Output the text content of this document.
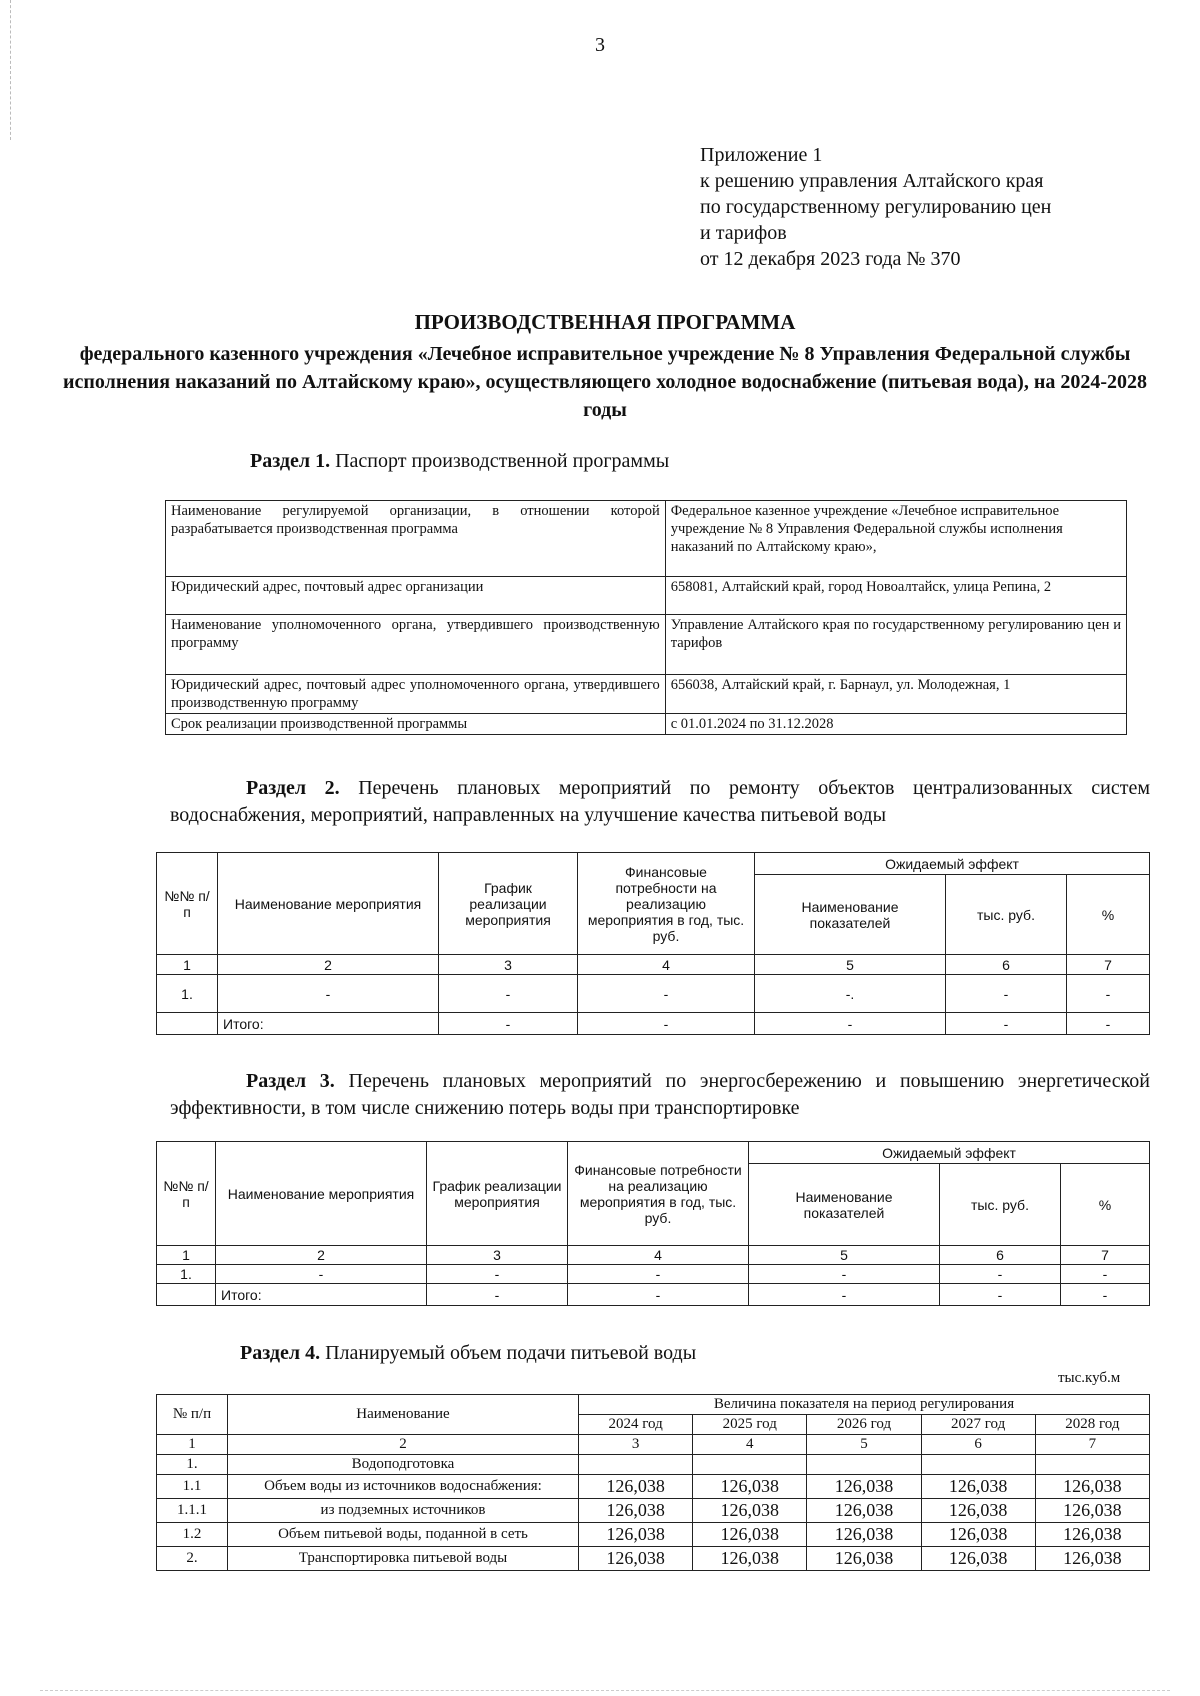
3
Приложение 1
к решению управления Алтайского края
по государственному регулированию цен
и тарифов
от 12 декабря 2023 года № 370
ПРОИЗВОДСТВЕННАЯ ПРОГРАММА
федерального казенного учреждения «Лечебное исправительное учреждение № 8 Управления Федеральной службы исполнения наказаний по Алтайскому краю», осуществляющего холодное водоснабжение (питьевая вода), на 2024-2028 годы
Раздел 1. Паспорт производственной программы
Наименование регулируемой организации, в отношении которой разрабатывается производственная программа	Федеральное казенное учреждение «Лечебное исправительное учреждение № 8 Управления Федеральной службы исполнения наказаний по Алтайскому краю»,
Юридический адрес, почтовый адрес организации	658081, Алтайский край, город Новоалтайск, улица Репина, 2
Наименование уполномоченного органа, утвердившего производственную программу	Управление Алтайского края по государственному регулированию цен и тарифов
Юридический адрес, почтовый адрес уполномоченного органа, утвердившего производственную программу	656038, Алтайский край, г. Барнаул, ул. Молодежная, 1
Срок реализации производственной программы	с 01.01.2024 по 31.12.2028
Раздел 2. Перечень плановых мероприятий по ремонту объектов централизованных систем водоснабжения, мероприятий, направленных на улучшение качества питьевой воды
№№ п/п	Наименование мероприятия	График реализации мероприятия	Финансовые потребности на реализацию мероприятия в год, тыс. руб.	Ожидаемый эффект		
				Наименование показателей	тыс. руб.	%
1	2	3	4	5	6	7
1.	-	-	-	-.	-	-
	Итого:	-	-	-	-	-
Раздел 3. Перечень плановых мероприятий по энергосбережению и повышению энергетической эффективности, в том числе снижению потерь воды при транспортировке
№№ п/п	Наименование мероприятия	График реализации мероприятия	Финансовые потребности на реализацию мероприятия в год, тыс. руб.	Ожидаемый эффект		
				Наименование показателей	тыс. руб.	%
1	2	3	4	5	6	7
1.	-	-	-	-	-	-
	Итого:	-	-	-	-	-
Раздел 4. Планируемый объем подачи питьевой воды
тыс.куб.м
№ п/п	Наименование	Величина показателя на период регулирования				
		2024 год	2025 год	2026 год	2027 год	2028 год
1	2	3	4	5	6	7
1.	Водоподготовка					
1.1	Объем воды из источников водоснабжения:	126,038	126,038	126,038	126,038	126,038
1.1.1	из подземных источников	126,038	126,038	126,038	126,038	126,038
1.2	Объем питьевой воды, поданной в сеть	126,038	126,038	126,038	126,038	126,038
2.	Транспортировка питьевой воды	126,038	126,038	126,038	126,038	126,038
